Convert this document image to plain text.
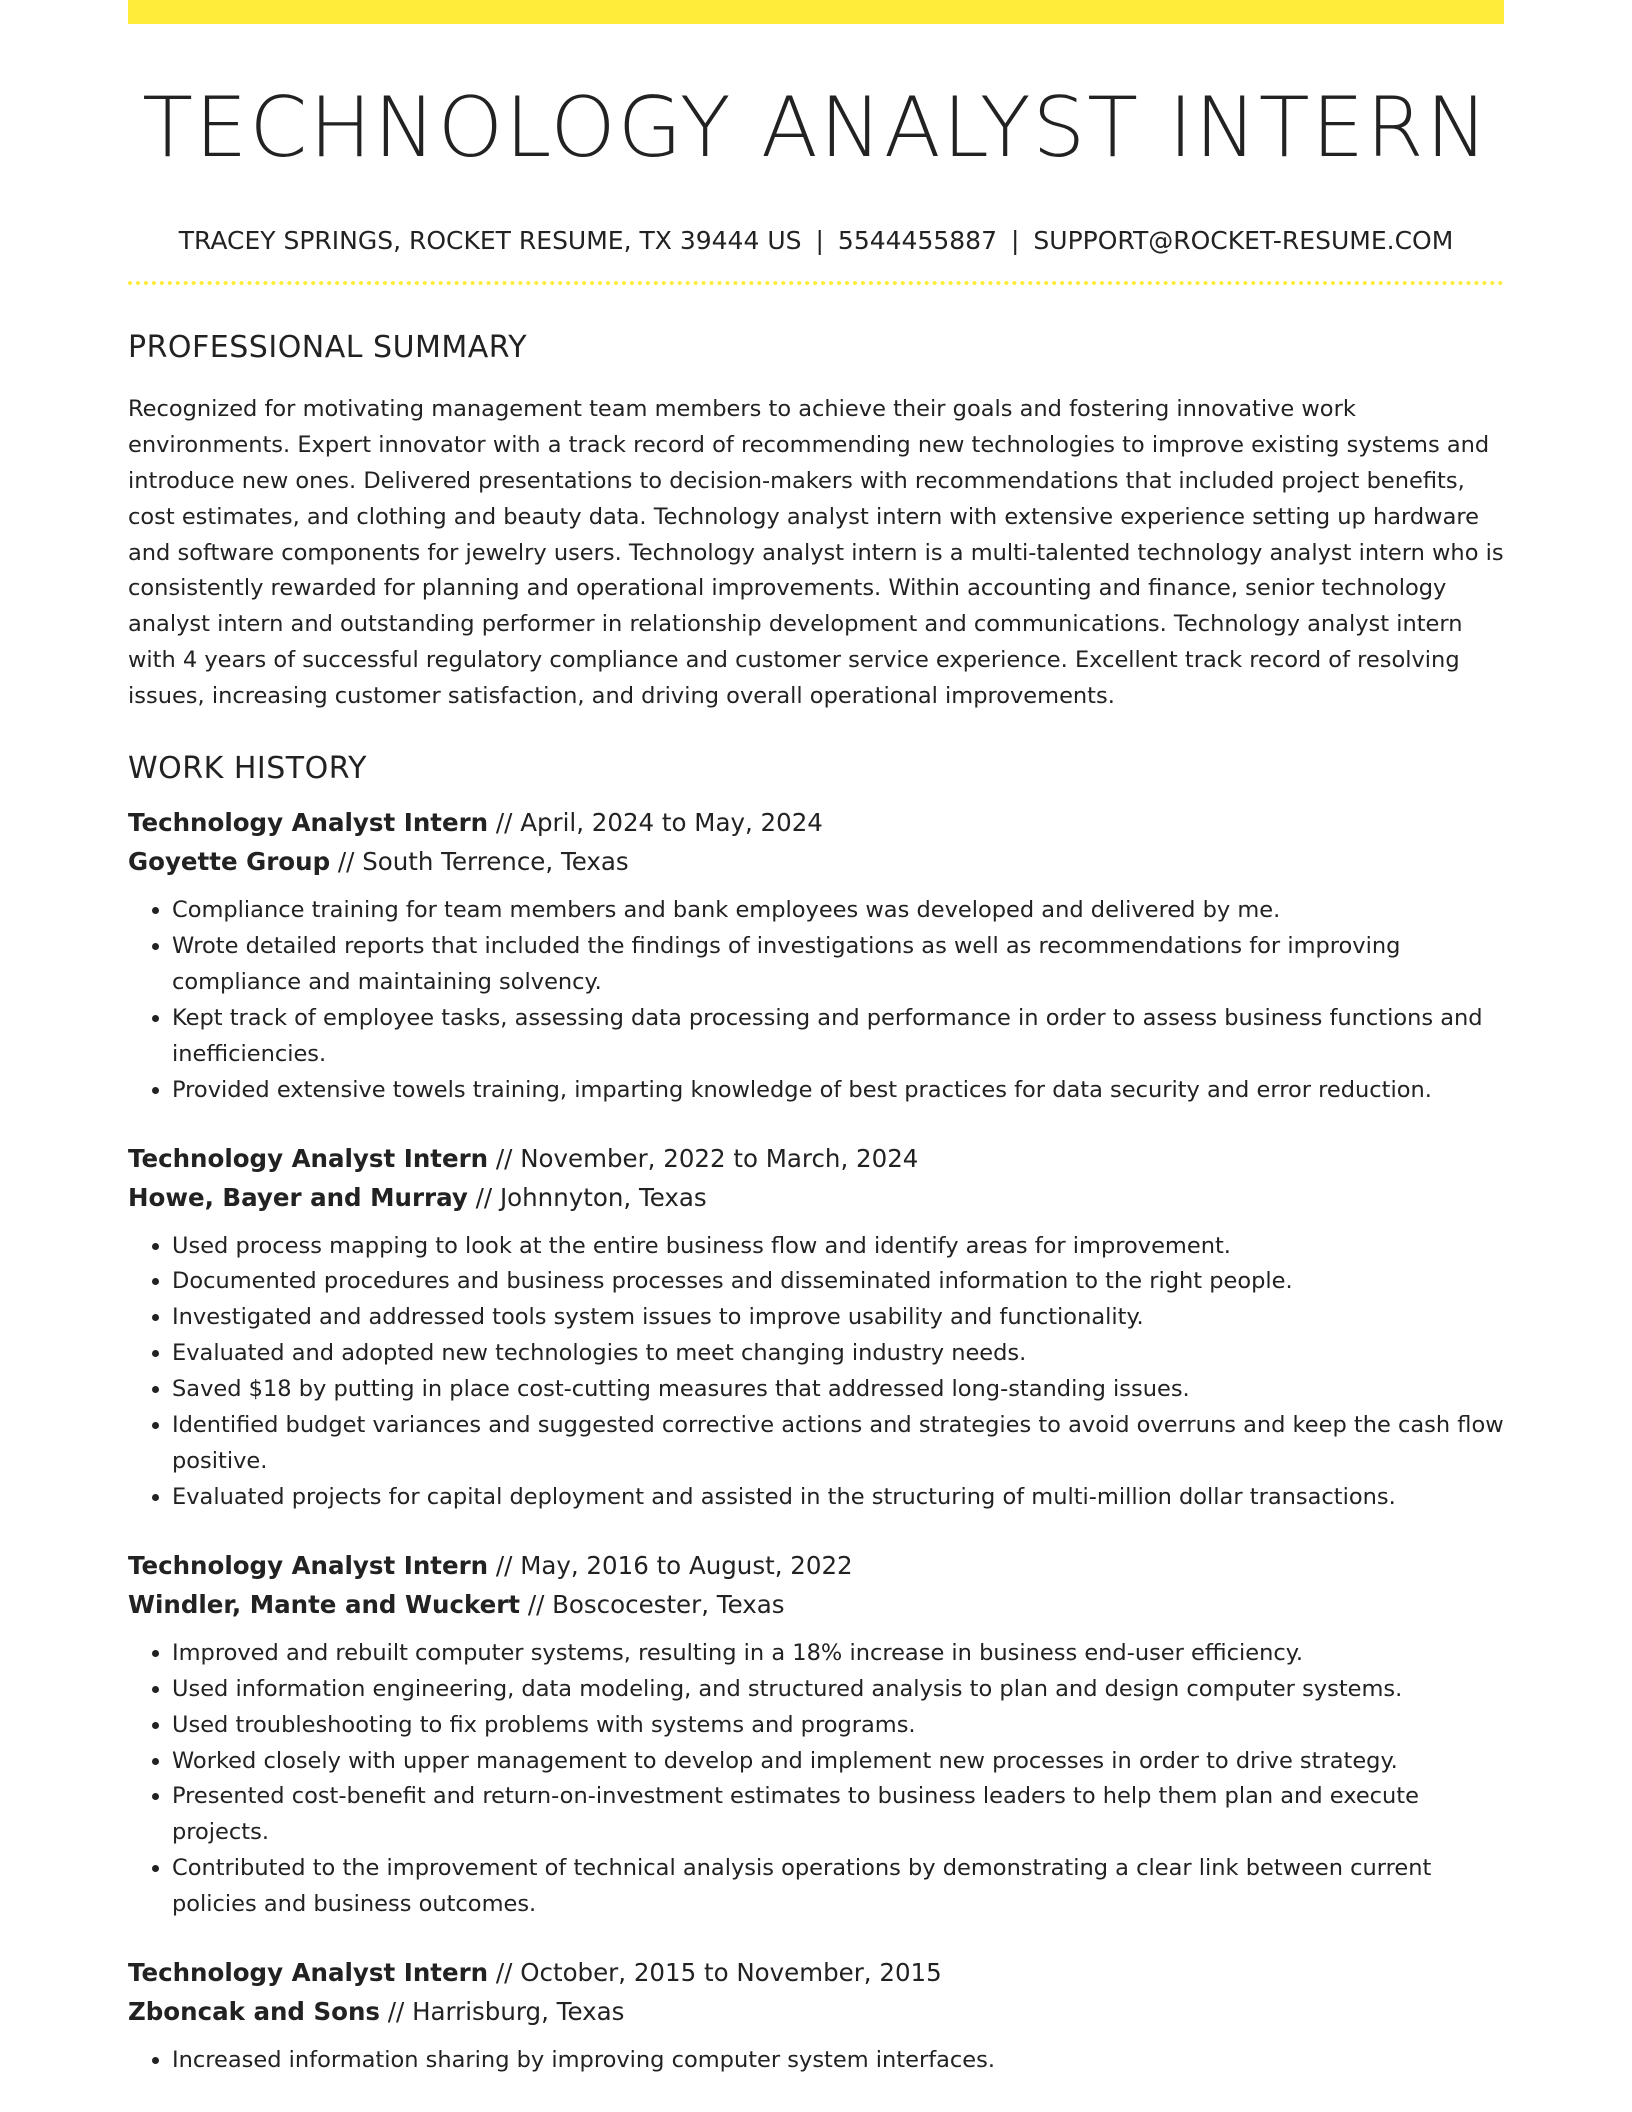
TECHNOLOGY ANALYST INTERN
TRACEY SPRINGS, ROCKET RESUME, TX 39444 US | 5544455887 | SUPPORT@ROCKET-RESUME.COM
PROFESSIONAL SUMMARY

Recognized for motivating management team members to achieve their goals and fostering innovative work environments. Expert innovator with a track record of recommending new technologies to improve existing systems and introduce new ones. Delivered presentations to decision-makers with recommendations that included project benefits, cost estimates, and clothing and beauty data. Technology analyst intern with extensive experience setting up hardware and software components for jewelry users. Technology analyst intern is a multi-talented technology analyst intern who is consistently rewarded for planning and operational improvements. Within accounting and finance, senior technology analyst intern and outstanding performer in relationship development and communications. Technology analyst intern with 4 years of successful regulatory compliance and customer service experience. Excellent track record of resolving issues, increasing customer satisfaction, and driving overall operational improvements.

WORK HISTORY
Technology Analyst Intern // April, 2024 to May, 2024
Goyette Group // South Terrence, Texas
• Compliance training for team members and bank employees was developed and delivered by me.
• Wrote detailed reports that included the findings of investigations as well as recommendations for improving compliance and maintaining solvency.
• Kept track of employee tasks, assessing data processing and performance in order to assess business functions and inefficiencies.
• Provided extensive towels training, imparting knowledge of best practices for data security and error reduction.
Technology Analyst Intern // November, 2022 to March, 2024
Howe, Bayer and Murray // Johnnyton, Texas
• Used process mapping to look at the entire business flow and identify areas for improvement.
• Documented procedures and business processes and disseminated information to the right people.
• Investigated and addressed tools system issues to improve usability and functionality.
• Evaluated and adopted new technologies to meet changing industry needs.
• Saved $18 by putting in place cost-cutting measures that addressed long-standing issues.
• Identified budget variances and suggested corrective actions and strategies to avoid overruns and keep the cash flow positive.
• Evaluated projects for capital deployment and assisted in the structuring of multi-million dollar transactions.
Technology Analyst Intern // May, 2016 to August, 2022
Windler, Mante and Wuckert // Boscocester, Texas
• Improved and rebuilt computer systems, resulting in a 18% increase in business end-user efficiency.
• Used information engineering, data modeling, and structured analysis to plan and design computer systems.
• Used troubleshooting to fix problems with systems and programs.
• Worked closely with upper management to develop and implement new processes in order to drive strategy.
• Presented cost-benefit and return-on-investment estimates to business leaders to help them plan and execute projects.
• Contributed to the improvement of technical analysis operations by demonstrating a clear link between current policies and business outcomes.
Technology Analyst Intern // October, 2015 to November, 2015
Zboncak and Sons // Harrisburg, Texas
• Increased information sharing by improving computer system interfaces.
